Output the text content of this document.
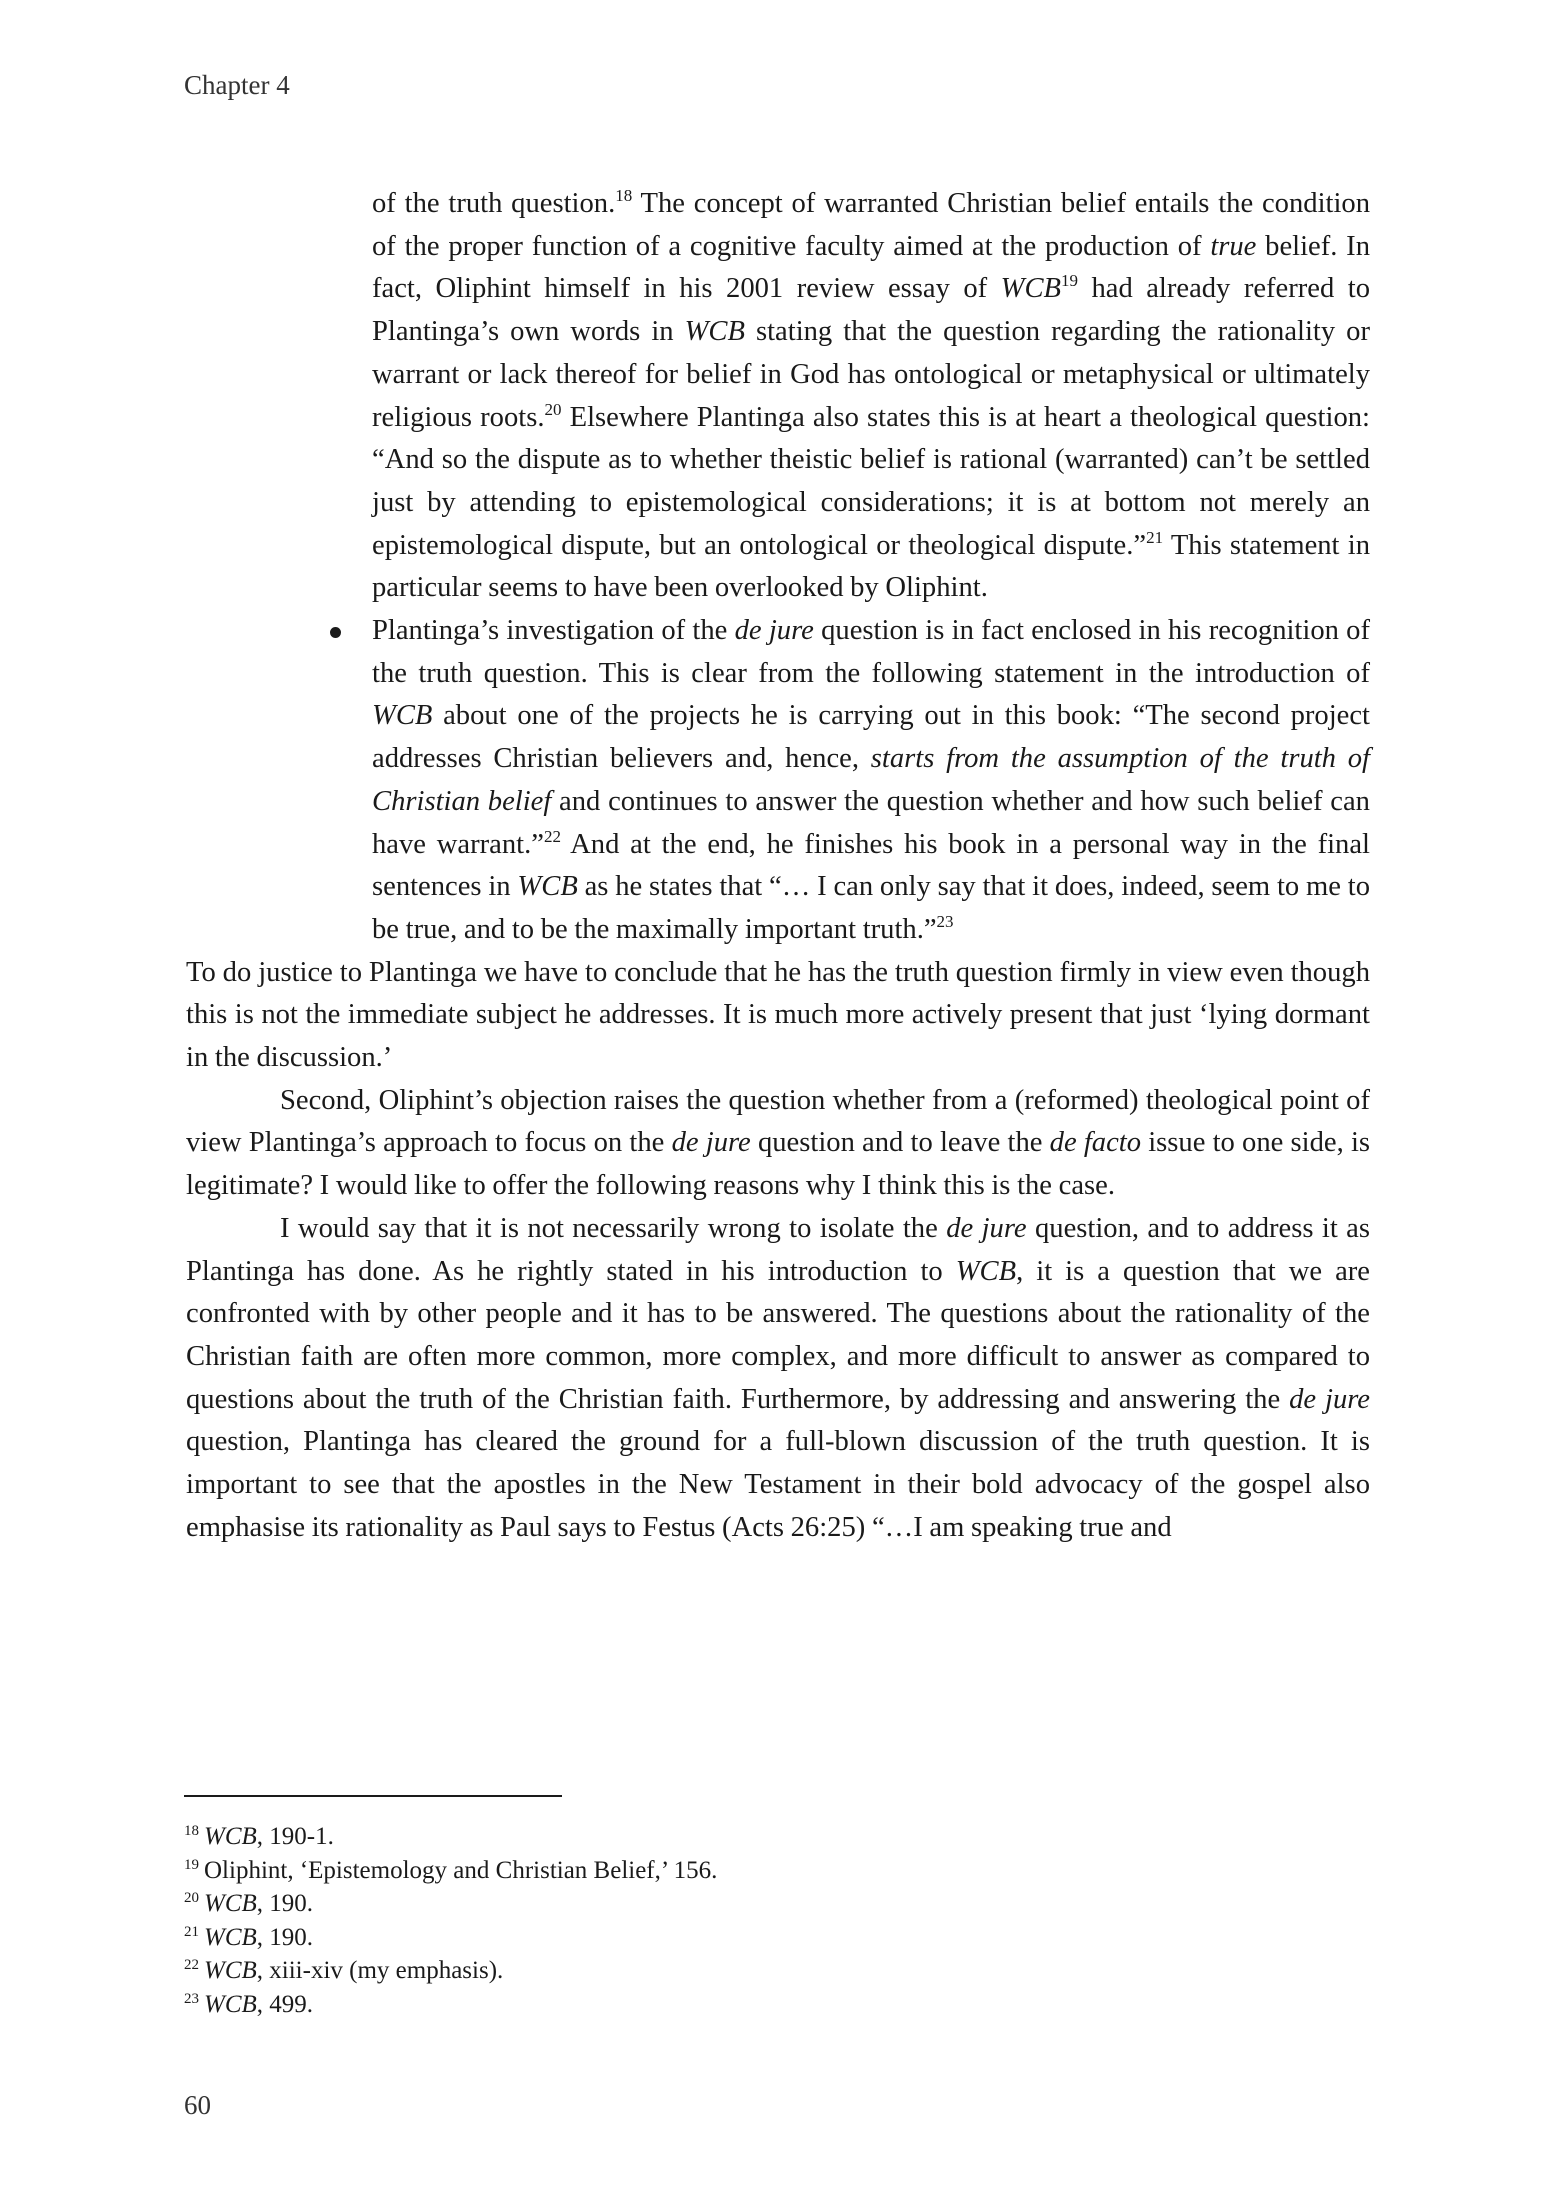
Chapter 4

of the truth question.$^{18}$ The concept of warranted Christian belief entails the condition of the proper function of a cognitive faculty aimed at the production of true belief. In fact, Oliphint himself in his 2001 review essay of WCB$^{19}$ had already referred to Plantinga’s own words in WCB stating that the question regarding the rationality or warrant or lack thereof for belief in God has ontological or metaphysical or ultimately religious roots.$^{20}$ Elsewhere Plantinga also states this is at heart a theological question: “And so the dispute as to whether theistic belief is rational (warranted) can’t be settled just by attending to epistemological considerations; it is at bottom not merely an epistemological dispute, but an ontological or theological dispute.”$^{21}$ This statement in particular seems to have been overlooked by Oliphint.

Plantinga’s investigation of the de jure question is in fact enclosed in his recognition of the truth question. This is clear from the following statement in the introduction of WCB about one of the projects he is carrying out in this book: “The second project addresses Christian believers and, hence, starts from the assumption of the truth of Christian belief and continues to answer the question whether and how such belief can have warrant.”$^{22}$ And at the end, he finishes his book in a personal way in the final sentences in WCB as he states that “… I can only say that it does, indeed, seem to me to be true, and to be the maximally important truth.”$^{23}$

To do justice to Plantinga we have to conclude that he has the truth question firmly in view even though this is not the immediate subject he addresses. It is much more actively present that just ‘lying dormant in the discussion.’

Second, Oliphint’s objection raises the question whether from a (reformed) theological point of view Plantinga’s approach to focus on the de jure question and to leave the de facto issue to one side, is legitimate? I would like to offer the following reasons why I think this is the case.

I would say that it is not necessarily wrong to isolate the de jure question, and to address it as Plantinga has done. As he rightly stated in his introduction to WCB, it is a question that we are confronted with by other people and it has to be answered. The questions about the rationality of the Christian faith are often more common, more complex, and more difficult to answer as compared to questions about the truth of the Christian faith. Furthermore, by addressing and answering the de jure question, Plantinga has cleared the ground for a full-blown discussion of the truth question. It is important to see that the apostles in the New Testament in their bold advocacy of the gospel also emphasise its rationality as Paul says to Festus (Acts 26:25) “…I am speaking true and

$^{18}$ WCB, 190-1.

$^{19}$ Oliphint, ‘Epistemology and Christian Belief,’ 156.

$^{20}$ WCB, 190.

$^{21}$ WCB, 190.

$^{22}$ WCB, xiii-xiv (my emphasis).

$^{23}$ WCB, 499.

60
